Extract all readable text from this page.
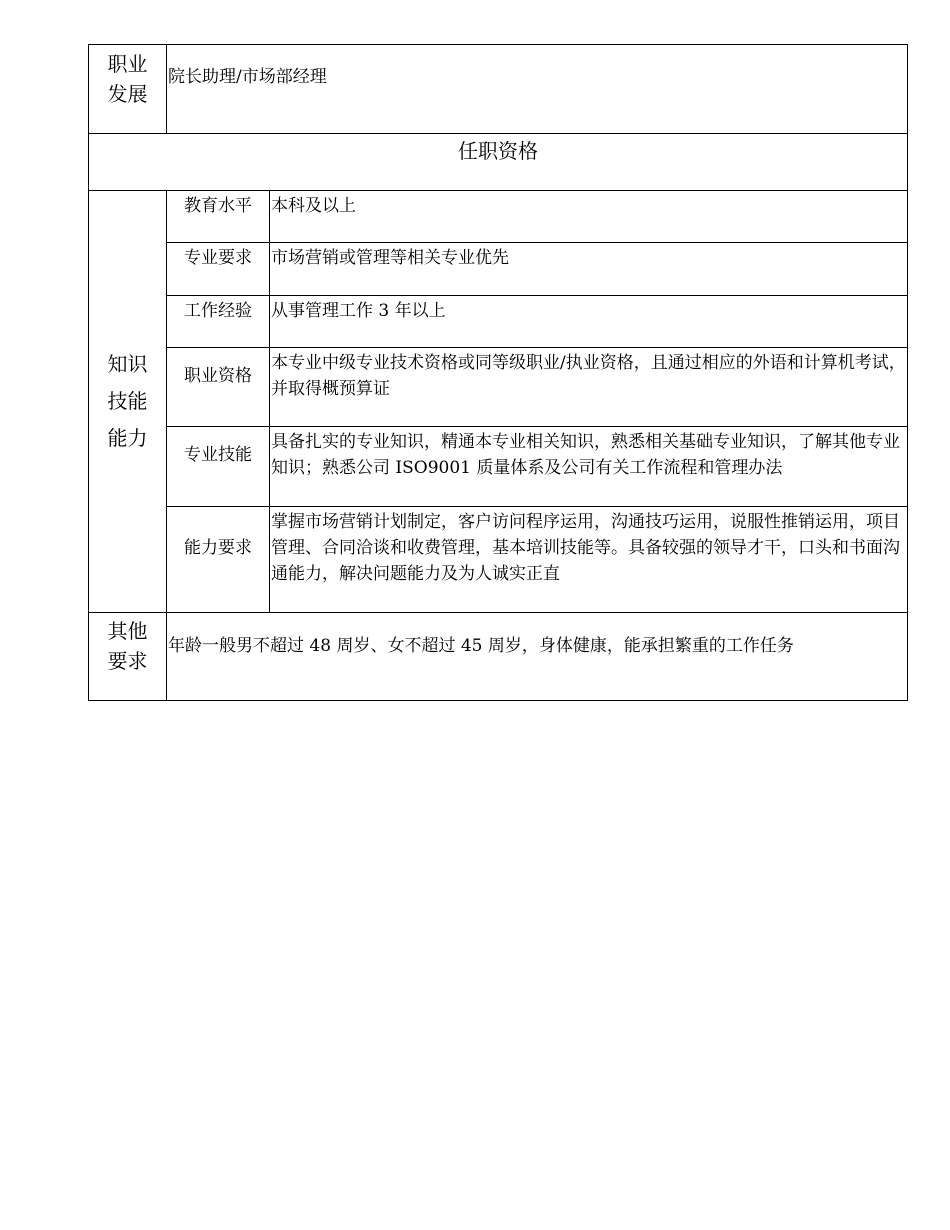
职业
发展	院长助理/市场部经理	
任职资格		

知识
技能
能力	教育水平	本科及以上
	专业要求	市场营销或管理等相关专业优先
	工作经验	从事管理工作 3 年以上
	职业资格	本专业中级专业技术资格或同等级职业/执业资格，且通过相应的外语和计算机考试，并取得概预算证
	专业技能	具备扎实的专业知识，精通本专业相关知识，熟悉相关基础专业知识，了解其他专业知识；熟悉公司 ISO9001 质量体系及公司有关工作流程和管理办法
	能力要求	掌握市场营销计划制定，客户访问程序运用，沟通技巧运用，说服性推销运用，项目管理、合同洽谈和收费管理，基本培训技能等。具备较强的领导才干，口头和书面沟通能力，解决问题能力及为人诚实正直
其他
要求	年龄一般男不超过 48 周岁、女不超过 45 周岁，身体健康，能承担繁重的工作任务	
